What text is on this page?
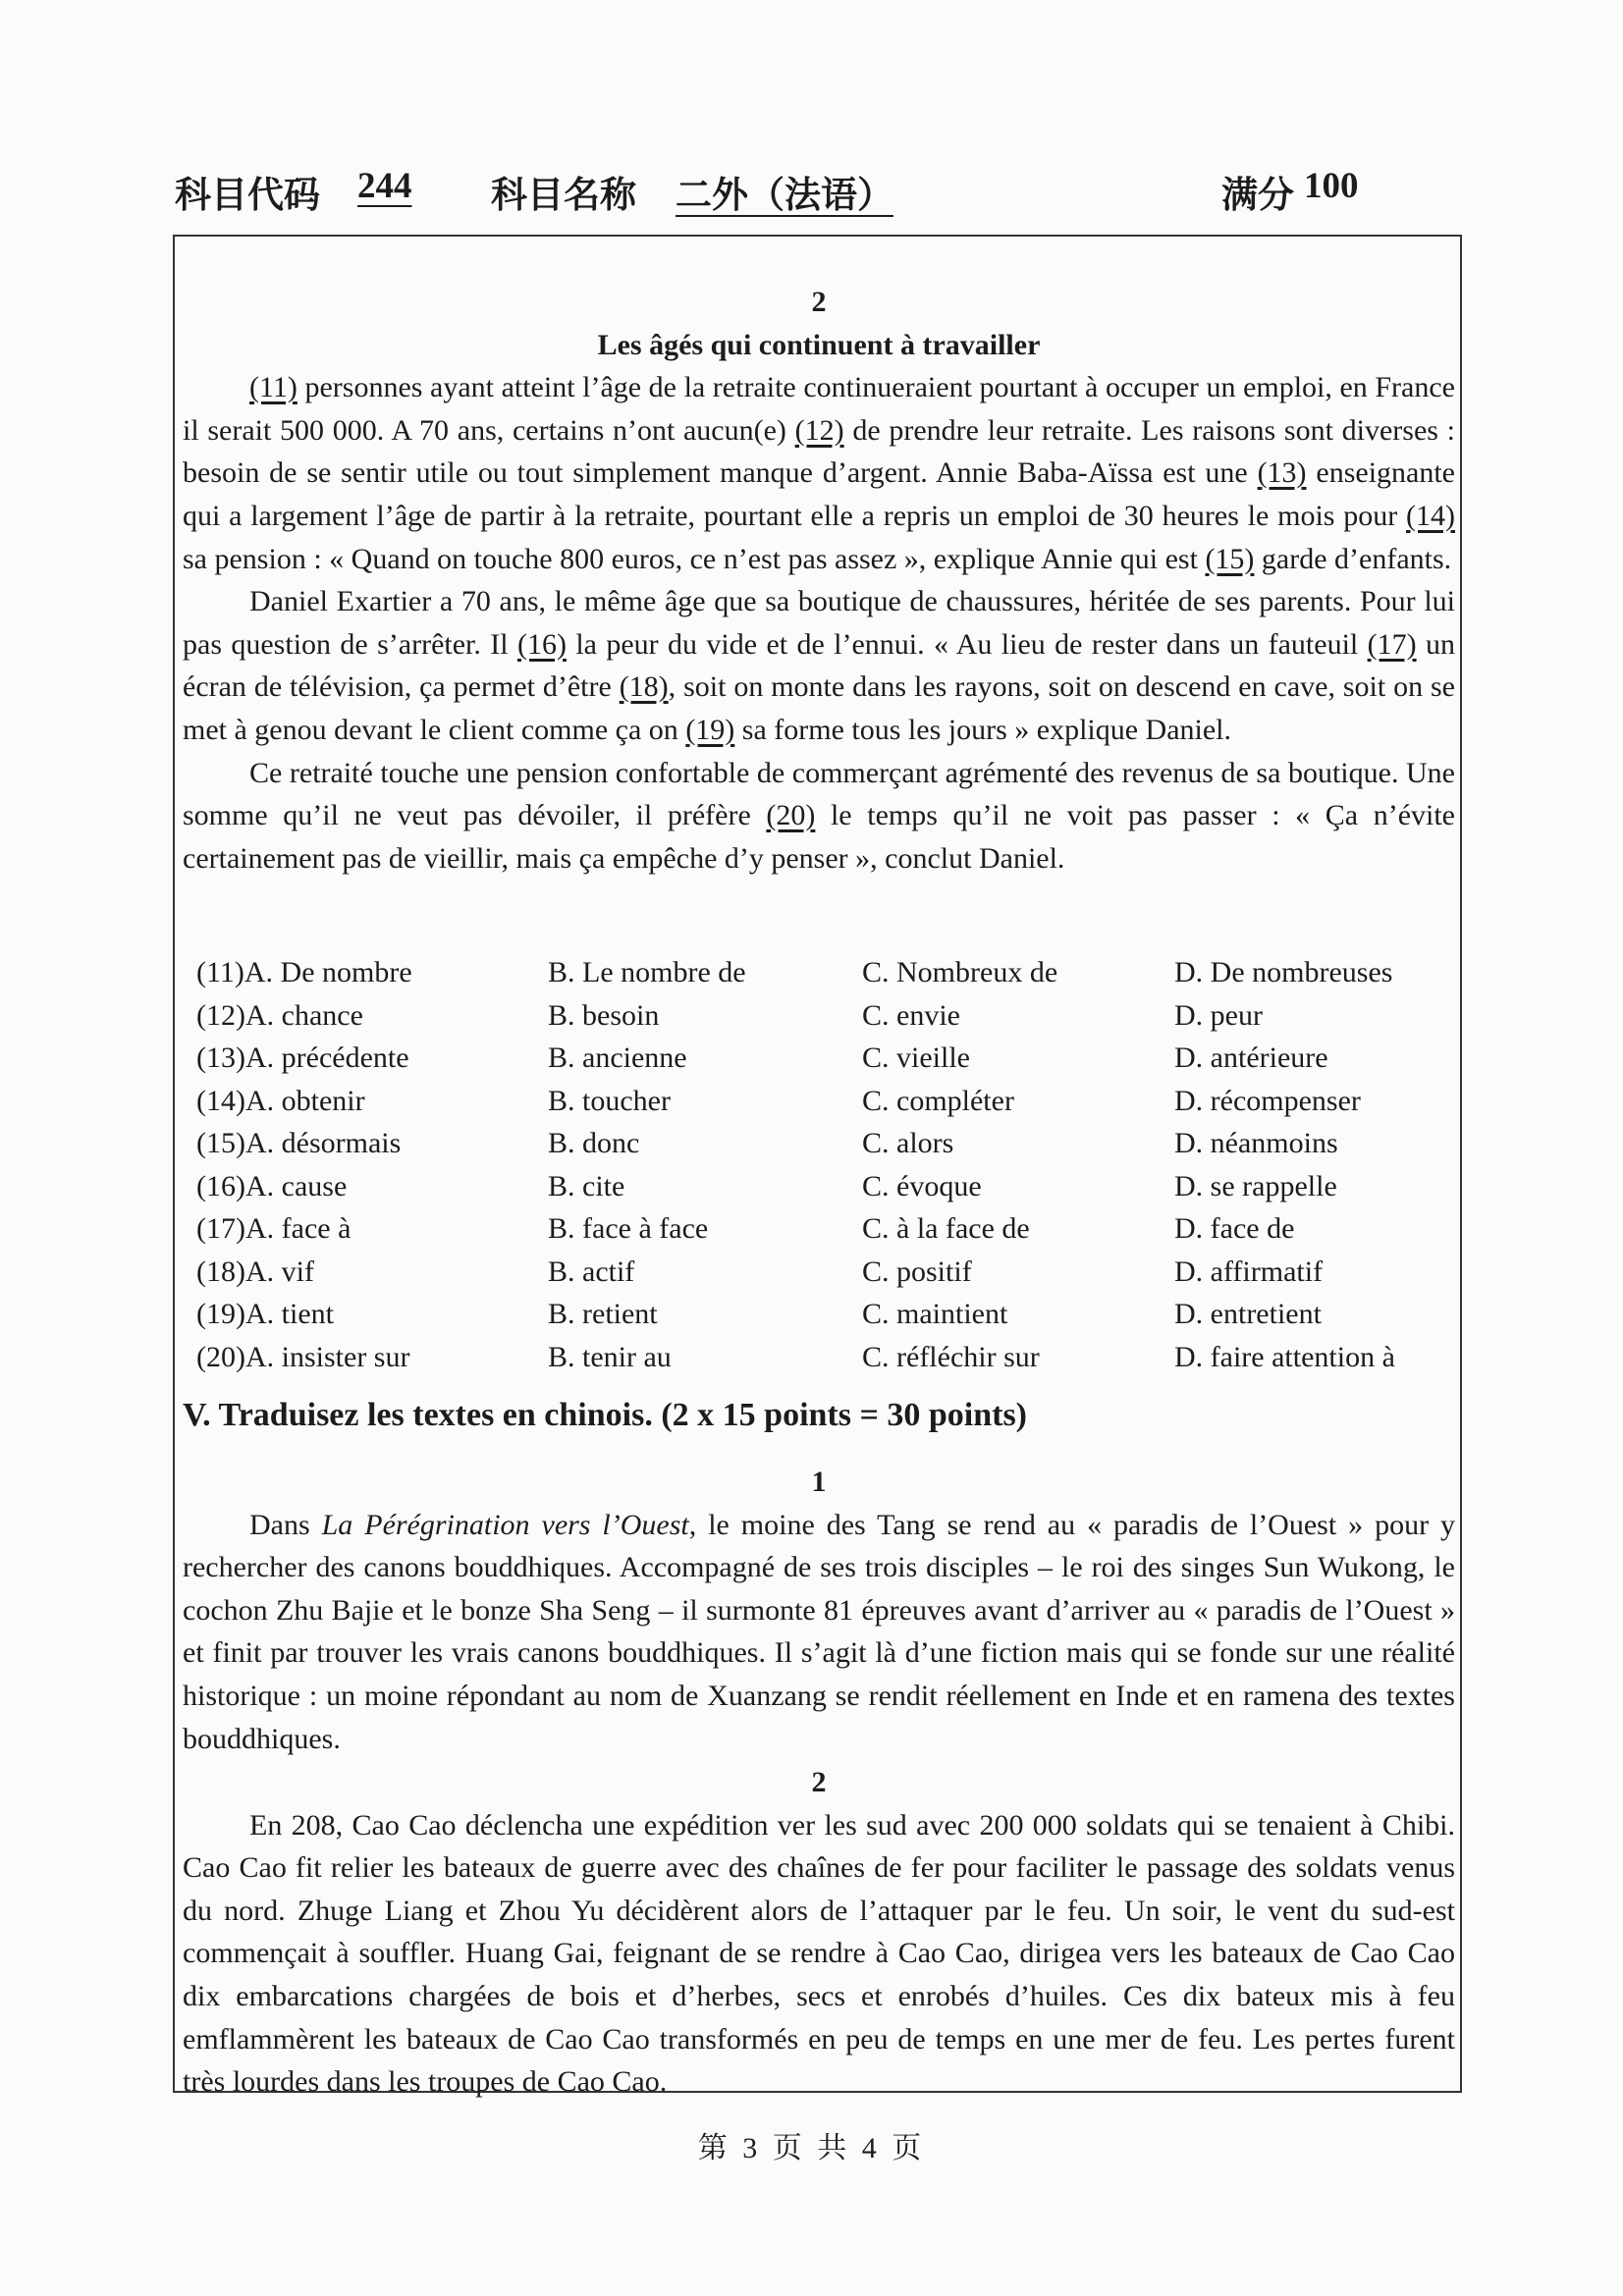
科目代码 244 科目名称 二外（法语）	满分 100
2
Les âgés qui continuent à travailler

(11) personnes ayant atteint l’âge de la retraite continueraient pourtant à occuper un emploi, en France il serait 500 000. A 70 ans, certains n’ont aucun(e) (12) de prendre leur retraite. Les raisons sont diverses : besoin de se sentir utile ou tout simplement manque d’argent. Annie Baba-Aïssa est une (13) enseignante qui a largement l’âge de partir à la retraite, pourtant elle a repris un emploi de 30 heures le mois pour (14) sa pension : « Quand on touche 800 euros, ce n’est pas assez », explique Annie qui est (15) garde d’enfants.

Daniel Exartier a 70 ans, le même âge que sa boutique de chaussures, héritée de ses parents. Pour lui pas question de s’arrêter. Il (16) la peur du vide et de l’ennui. « Au lieu de rester dans un fauteuil (17) un écran de télévision, ça permet d’être (18), soit on monte dans les rayons, soit on descend en cave, soit on se met à genou devant le client comme ça on (19) sa forme tous les jours » explique Daniel.

Ce retraité touche une pension confortable de commerçant agrémenté des revenus de sa boutique. Une somme qu’il ne veut pas dévoiler, il préfère (20) le temps qu’il ne voit pas passer : « Ça n’évite certainement pas de vieillir, mais ça empêche d’y penser », conclut Daniel.

(11)A. De nombre	B. Le nombre de	C. Nombreux de	D. De nombreuses
(12)A. chance	B. besoin	C. envie	D. peur
(13)A. précédente	B. ancienne	C. vieille	D. antérieure
(14)A. obtenir	B. toucher	C. compléter	D. récompenser
(15)A. désormais	B. donc	C. alors	D. néanmoins
(16)A. cause	B. cite	C. évoque	D. se rappelle
(17)A. face à	B. face à face	C. à la face de	D. face de
(18)A. vif	B. actif	C. positif	D. affirmatif
(19)A. tient	B. retient	C. maintient	D. entretient
(20)A. insister sur	B. tenir au	C. réfléchir sur	D. faire attention à
V. Traduisez les textes en chinois. (2 x 15 points = 30 points)
1

Dans La Pérégrination vers l’Ouest, le moine des Tang se rend au « paradis de l’Ouest » pour y rechercher des canons bouddhiques. Accompagné de ses trois disciples – le roi des singes Sun Wukong, le cochon Zhu Bajie et le bonze Sha Seng – il surmonte 81 épreuves avant d’arriver au « paradis de l’Ouest » et finit par trouver les vrais canons bouddhiques. Il s’agit là d’une fiction mais qui se fonde sur une réalité historique : un moine répondant au nom de Xuanzang se rendit réellement en Inde et en ramena des textes bouddhiques.

2

En 208, Cao Cao déclencha une expédition ver les sud avec 200 000 soldats qui se tenaient à Chibi. Cao Cao fit relier les bateaux de guerre avec des chaînes de fer pour faciliter le passage des soldats venus du nord. Zhuge Liang et Zhou Yu décidèrent alors de l’attaquer par le feu. Un soir, le vent du sud-est commençait à souffler. Huang Gai, feignant de se rendre à Cao Cao, dirigea vers les bateaux de Cao Cao dix embarcations chargées de bois et d’herbes, secs et enrobés d’huiles. Ces dix bateux mis à feu emflammèrent les bateaux de Cao Cao transformés en peu de temps en une mer de feu. Les pertes furent très lourdes dans les troupes de Cao Cao.

第 3 页 共 4 页
